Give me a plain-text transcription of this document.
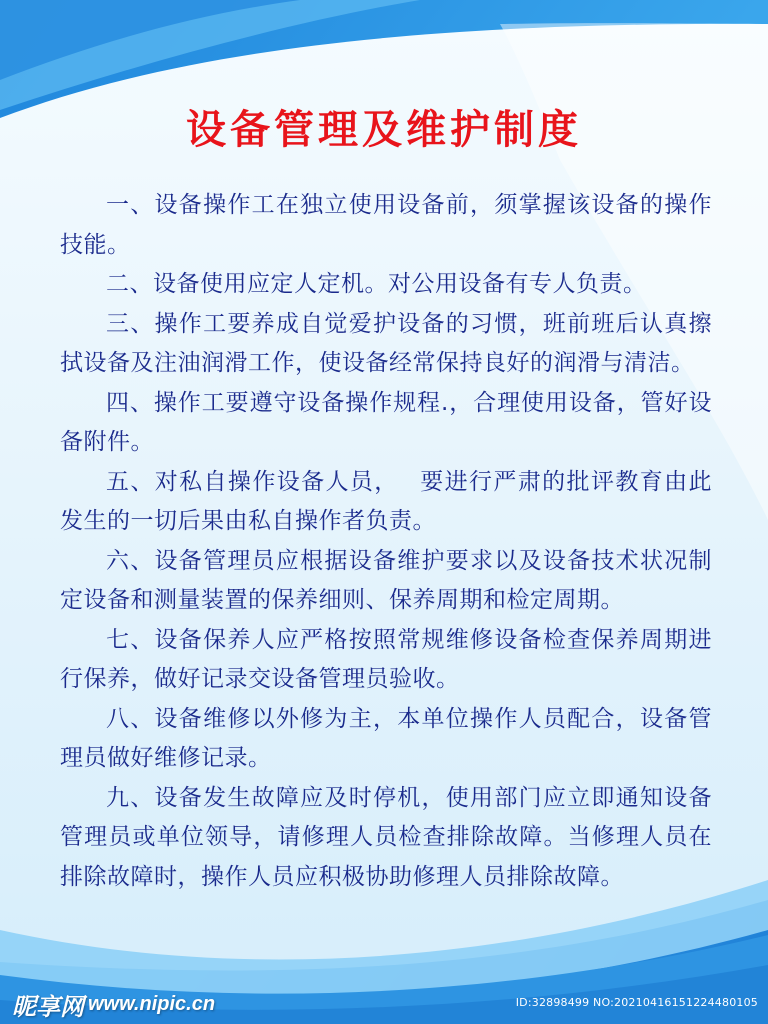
设备管理及维护制度

一、设备操作工在独立使用设备前，须掌握该设备的操作技能。

二、设备使用应定人定机。对公用设备有专人负责。

三、操作工要养成自觉爱护设备的习惯，班前班后认真擦拭设备及注油润滑工作，使设备经常保持良好的润滑与清洁。

四、操作工要遵守设备操作规程.，合理使用设备，管好设备附件。

五、对私自操作设备人员，　 要进行严肃的批评教育由此发生的一切后果由私自操作者负责。

六、设备管理员应根据设备维护要求以及设备技术状况制定设备和测量装置的保养细则、保养周期和检定周期。

七、设备保养人应严格按照常规维修设备检查保养周期进行保养，做好记录交设备管理员验收。

八、设备维修以外修为主，本单位操作人员配合，设备管理员做好维修记录。

九、设备发生故障应及时停机，使用部门应立即通知设备管理员或单位领导，请修理人员检查排除故障。当修理人员在排除故障时，操作人员应积极协助修理人员排除故障。

昵享网 www.nipic.cn	ID:32898499 NO:20210416151224480105
